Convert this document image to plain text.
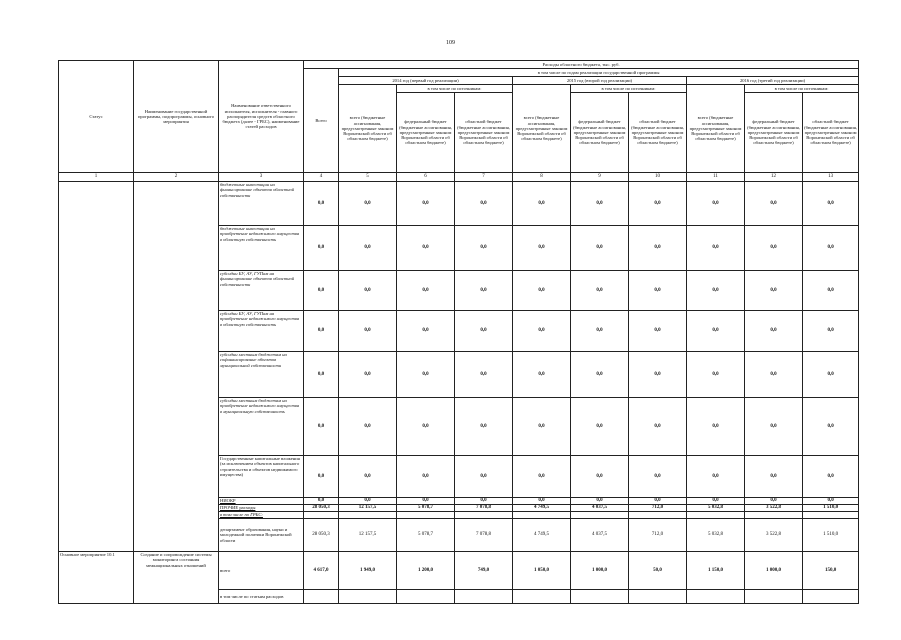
109
Статус	Наименование государственной программы, подпрограммы, основного мероприятия	Наименование ответственного исполнителя, исполнителя - главного распорядителя средств областного бюджета (далее - ГРБС), наименование статей расходов	Расходы областного бюджета, тыс. руб.									
			Всего	в том числе по годам реализации государственной программы								
				2014 год (первый год реализации)			2015 год (второй год реализации)			2016 год (третий год реализации)		
				всего (бюджетные ассигнования, предусмотренные законом Воронежской области об областном бюджете)	в том числе по источникам:		всего (бюджетные ассигнования, предусмотренные законом Воронежской области об областном бюджете)	в том числе по источникам:		всего (бюджетные ассигнования, предусмотренные законом Воронежской области об областном бюджете)	в том числе по источникам:	
					федеральный бюджет (бюджетные ассигнования, предусмотренные законом Воронежской области об областном бюджете)	областной бюджет (бюджетные ассигнования, предусмотренные законом Воронежской области об областном бюджете)		федеральный бюджет (бюджетные ассигнования, предусмотренные законом Воронежской области об областном бюджете)	областной бюджет (бюджетные ассигнования, предусмотренные законом Воронежской области об областном бюджете)		федеральный бюджет (бюджетные ассигнования, предусмотренные законом Воронежской области об областном бюджете)	областной бюджет (бюджетные ассигнования, предусмотренные законом Воронежской области об областном бюджете)
1	2	3	4	5	6	7	8	9	10	11	12	13
		бюджетные инвестиции на финансирование объектов областной собственности	0,0	0,0	0,0	0,0	0,0	0,0	0,0	0,0	0,0	0,0
		бюджетные инвестиции на приобретение недвижимого имущества в областную собственность	0,0	0,0	0,0	0,0	0,0	0,0	0,0	0,0	0,0	0,0
		субсидии БУ, АУ, ГУПам на финансирование объектов областной собственности	0,0	0,0	0,0	0,0	0,0	0,0	0,0	0,0	0,0	0,0
		субсидии БУ, АУ, ГУПам на приобретение недвижимого имущества в областную собственность	0,0	0,0	0,0	0,0	0,0	0,0	0,0	0,0	0,0	0,0
		субсидии местным бюджетам на софинансирование объектов муниципальной собственности	0,0	0,0	0,0	0,0	0,0	0,0	0,0	0,0	0,0	0,0
		субсидии местным бюджетам на приобретение недвижимого имущества в муниципальную собственность	0,0	0,0	0,0	0,0	0,0	0,0	0,0	0,0	0,0	0,0
		Государственные капитальные вложения (за исключением объектов капитального строительства и объектов недвижимого имущества)	0,0	0,0	0,0	0,0	0,0	0,0	0,0	0,0	0,0	0,0
		НИОКР	0,0	0,0	0,0	0,0	0,0	0,0	0,0	0,0	0,0	0,0
		ПРОЧИЕ расходы	28 050,3	12 157,5	5 078,7	7 078,8	4 749,5	4 037,5	712,0	5 032,8	3 522,8	1 510,0
		в том числе по ГРБС:										
		департамент образования, науки и молодежной политики Воронежской области	28 050,3	12 157,5	5 078,7	7 078,8	4 749,5	4 037,5	712,0	5 032,8	3 522,8	1 510,0
Основное мероприятие 10.1	Создание и сопровождение системы мониторинга состояния межнациональных отношений	всего	4 617,0	1 949,0	1 200,0	749,0	1 050,0	1 000,0	50,0	1 150,0	1 000,0	150,0
		в том числе по статьям расходов										
